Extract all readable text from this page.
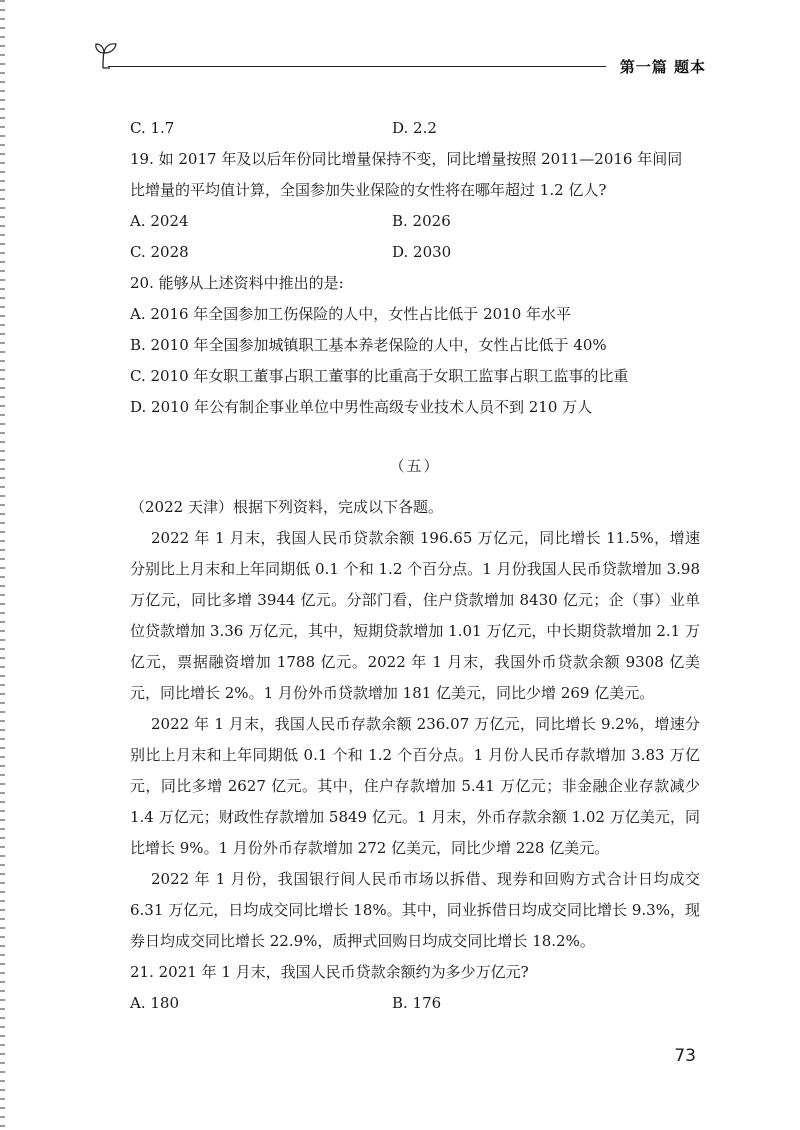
第一篇 题本
C. 1.7	D. 2.2
19. 如 2017 年及以后年份同比增量保持不变，同比增量按照 2011—2016 年间同
比增量的平均值计算，全国参加失业保险的女性将在哪年超过 1.2 亿人?
A. 2024	B. 2026
C. 2028	D. 2030
20. 能够从上述资料中推出的是:
A. 2016 年全国参加工伤保险的人中，女性占比低于 2010 年水平
B. 2010 年全国参加城镇职工基本养老保险的人中，女性占比低于 40%
C. 2010 年女职工董事占职工董事的比重高于女职工监事占职工监事的比重
D. 2010 年公有制企事业单位中男性高级专业技术人员不到 210 万人
（五）
（2022 天津）根据下列资料，完成以下各题。
2022 年 1 月末，我国人民币贷款余额 196.65 万亿元，同比增长 11.5%，增速分别比上月末和上年同期低 0.1 个和 1.2 个百分点。1 月份我国人民币贷款增加 3.98 万亿元，同比多增 3944 亿元。分部门看，住户贷款增加 8430 亿元；企（事）业单位贷款增加 3.36 万亿元，其中，短期贷款增加 1.01 万亿元，中长期贷款增加 2.1 万亿元，票据融资增加 1788 亿元。2022 年 1 月末，我国外币贷款余额 9308 亿美元，同比增长 2%。1 月份外币贷款增加 181 亿美元，同比少增 269 亿美元。
2022 年 1 月末，我国人民币存款余额 236.07 万亿元，同比增长 9.2%，增速分别比上月末和上年同期低 0.1 个和 1.2 个百分点。1 月份人民币存款增加 3.83 万亿元，同比多增 2627 亿元。其中，住户存款增加 5.41 万亿元；非金融企业存款减少 1.4 万亿元；财政性存款增加 5849 亿元。1 月末，外币存款余额 1.02 万亿美元，同比增长 9%。1 月份外币存款增加 272 亿美元，同比少增 228 亿美元。
2022 年 1 月份，我国银行间人民币市场以拆借、现券和回购方式合计日均成交 6.31 万亿元，日均成交同比增长 18%。其中，同业拆借日均成交同比增长 9.3%，现券日均成交同比增长 22.9%，质押式回购日均成交同比增长 18.2%。
21. 2021 年 1 月末，我国人民币贷款余额约为多少万亿元?
A. 180	B. 176
73
